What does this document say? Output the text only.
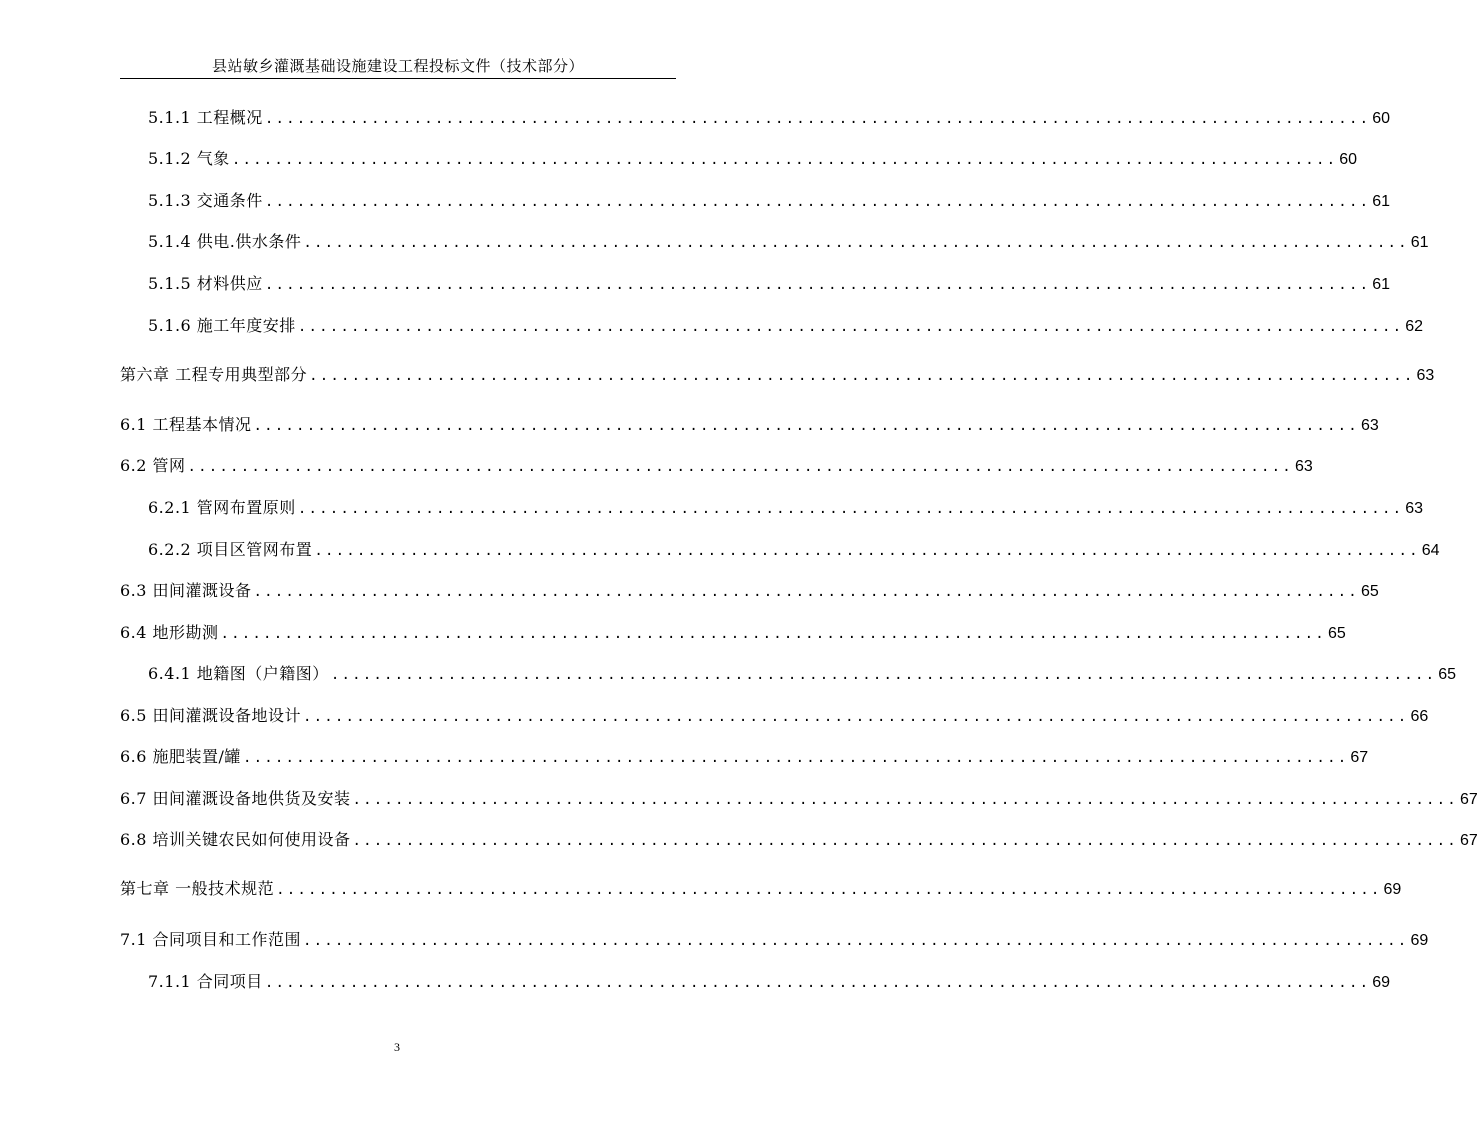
县站敏乡灌溉基础设施建设工程投标文件（技术部分）
5.1.1 工程概况 ........................................................................................................ 60
5.1.2 气象 ........................................................................................................ 60
5.1.3 交通条件 ........................................................................................................ 61
5.1.4 供电.供水条件 ........................................................................................................ 61
5.1.5 材料供应 ........................................................................................................ 61
5.1.6 施工年度安排 ........................................................................................................ 62
第六章 工程专用典型部分 ........................................................................................................ 63
6.1 工程基本情况 ........................................................................................................ 63
6.2 管网 ........................................................................................................ 63
6.2.1 管网布置原则 ........................................................................................................ 63
6.2.2 项目区管网布置 ........................................................................................................ 64
6.3 田间灌溉设备 ........................................................................................................ 65
6.4 地形勘测 ........................................................................................................ 65
6.4.1 地籍图（户籍图） ........................................................................................................ 65
6.5 田间灌溉设备地设计 ........................................................................................................ 66
6.6 施肥装置/罐 ........................................................................................................ 67
6.7 田间灌溉设备地供货及安装 ........................................................................................................ 67
6.8 培训关键农民如何使用设备 ........................................................................................................ 67
第七章 一般技术规范 ........................................................................................................ 69
7.1 合同项目和工作范围 ........................................................................................................ 69
7.1.1 合同项目 ........................................................................................................ 69
3
